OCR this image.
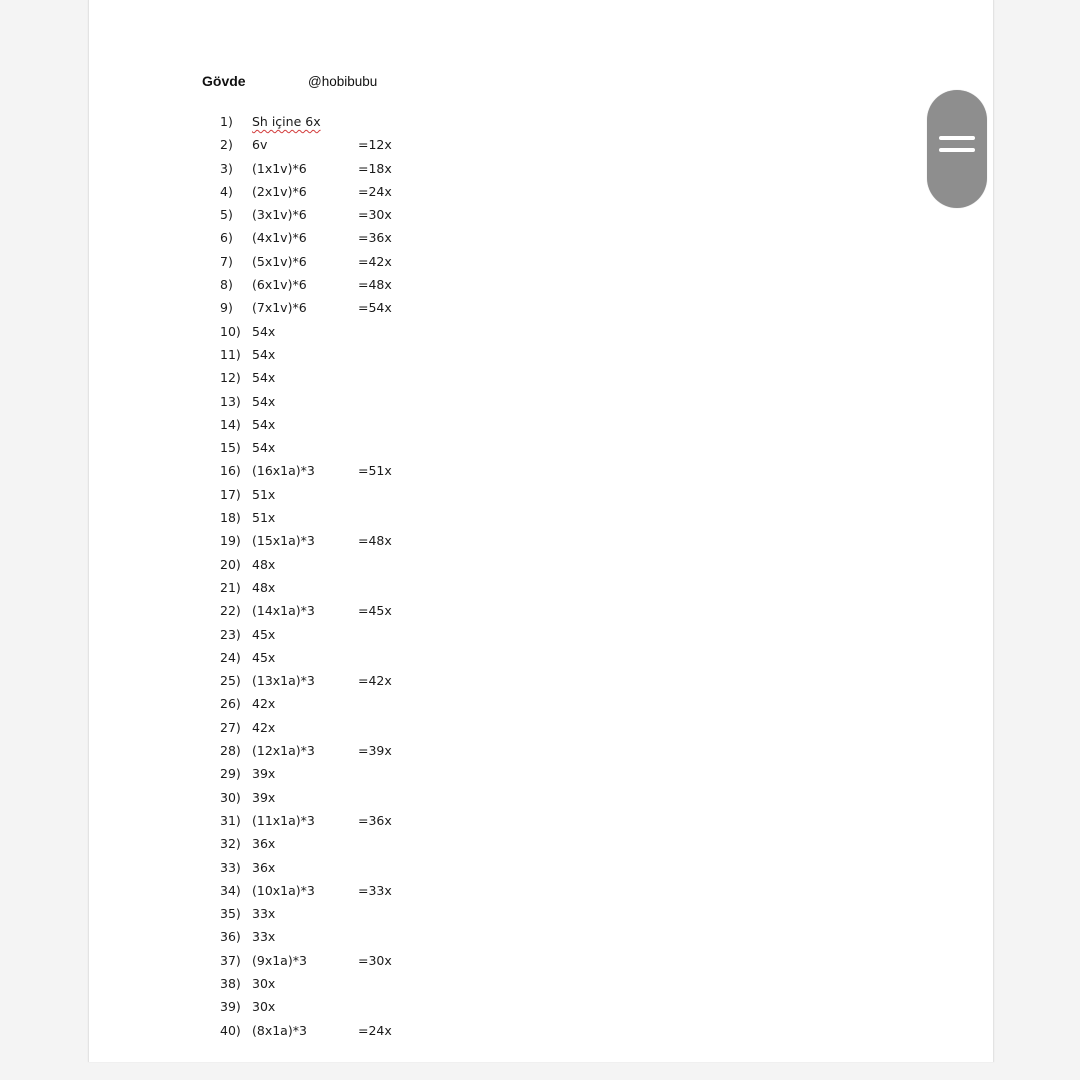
Gövde	@hobibubu
1) Sh içine 6x
2) 6v	=12x
3) (1x1v)*6	=18x
4) (2x1v)*6	=24x
5) (3x1v)*6	=30x
6) (4x1v)*6	=36x
7) (5x1v)*6	=42x
8) (6x1v)*6	=48x
9) (7x1v)*6	=54x
10) 54x
11) 54x
12) 54x
13) 54x
14) 54x
15) 54x
16) (16x1a)*3	=51x
17) 51x
18) 51x
19) (15x1a)*3	=48x
20) 48x
21) 48x
22) (14x1a)*3	=45x
23) 45x
24) 45x
25) (13x1a)*3	=42x
26) 42x
27) 42x
28) (12x1a)*3	=39x
29) 39x
30) 39x
31) (11x1a)*3	=36x
32) 36x
33) 36x
34) (10x1a)*3	=33x
35) 33x
36) 33x
37) (9x1a)*3	=30x
38) 30x
39) 30x
40) (8x1a)*3	=24x
